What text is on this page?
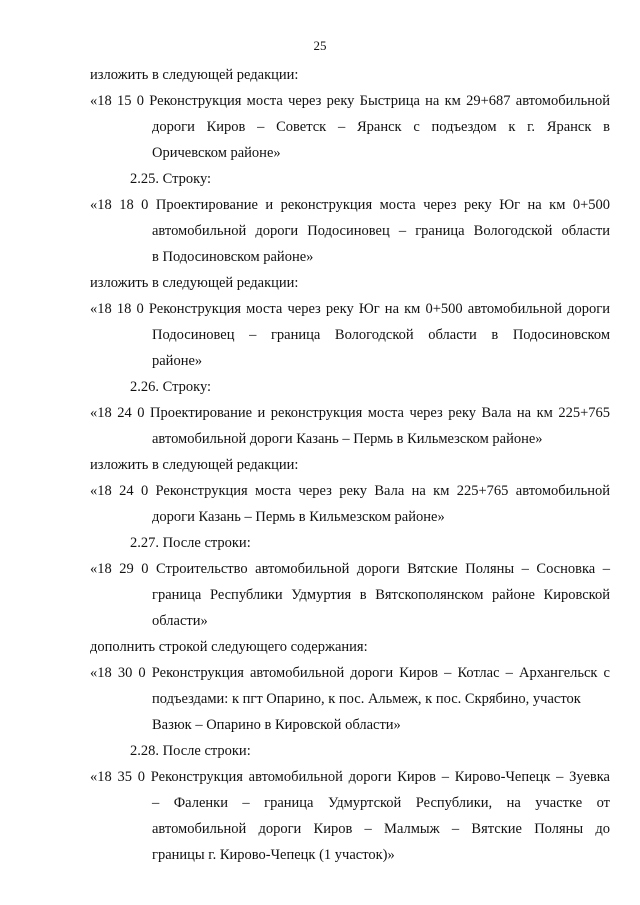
25
изложить в следующей редакции:
«18 15 0 Реконструкция моста через реку Быстрица на км 29+687 автомобильной
дороги Киров – Советск – Яранск с подъездом к г. Яранск в
Оричевском районе»
2.25. Строку:
«18 18 0 Проектирование и реконструкция моста через реку Юг на км 0+500
автомобильной дороги Подосиновец – граница Вологодской области
в Подосиновском районе»
изложить в следующей редакции:
«18 18 0 Реконструкция моста через реку Юг на км 0+500 автомобильной дороги
Подосиновец – граница Вологодской области в Подосиновском
районе»
2.26. Строку:
«18 24 0 Проектирование и реконструкция моста через реку Вала на км 225+765
автомобильной дороги Казань – Пермь в Кильмезском районе»
изложить в следующей редакции:
«18 24 0 Реконструкция моста через реку Вала на км 225+765 автомобильной
дороги Казань – Пермь в Кильмезском районе»
2.27. После строки:
«18 29 0 Строительство автомобильной дороги Вятские Поляны – Сосновка –
граница Республики Удмуртия в Вятскополянском районе Кировской
области»
дополнить строкой следующего содержания:
«18 30 0 Реконструкция автомобильной дороги Киров – Котлас – Архангельск с
подъездами: к пгт Опарино, к пос. Альмеж, к пос. Скрябино, участок
Вазюк – Опарино в Кировской области»
2.28. После строки:
«18 35 0 Реконструкция автомобильной дороги Киров – Кирово-Чепецк – Зуевка
– Фаленки – граница Удмуртской Республики, на участке от
автомобильной дороги Киров – Малмыж – Вятские Поляны до
границы г. Кирово-Чепецк (1 участок)»
